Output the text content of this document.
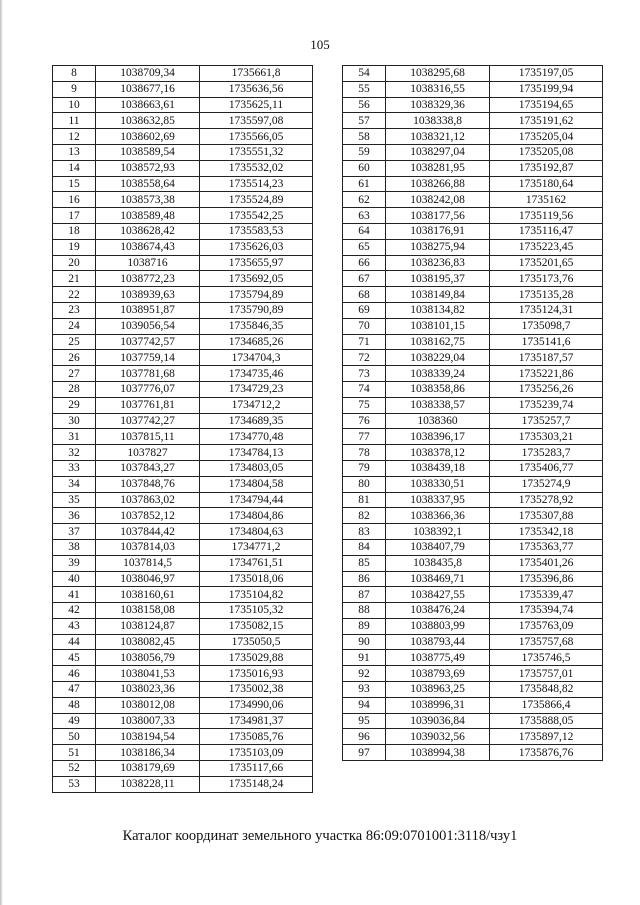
105
8	1038709,34	1735661,8
9	1038677,16	1735636,56
10	1038663,61	1735625,11
11	1038632,85	1735597,08
12	1038602,69	1735566,05
13	1038589,54	1735551,32
14	1038572,93	1735532,02
15	1038558,64	1735514,23
16	1038573,38	1735524,89
17	1038589,48	1735542,25
18	1038628,42	1735583,53
19	1038674,43	1735626,03
20	1038716	1735655,97
21	1038772,23	1735692,05
22	1038939,63	1735794,89
23	1038951,87	1735790,89
24	1039056,54	1735846,35
25	1037742,57	1734685,26
26	1037759,14	1734704,3
27	1037781,68	1734735,46
28	1037776,07	1734729,23
29	1037761,81	1734712,2
30	1037742,27	1734689,35
31	1037815,11	1734770,48
32	1037827	1734784,13
33	1037843,27	1734803,05
34	1037848,76	1734804,58
35	1037863,02	1734794,44
36	1037852,12	1734804,86
37	1037844,42	1734804,63
38	1037814,03	1734771,2
39	1037814,5	1734761,51
40	1038046,97	1735018,06
41	1038160,61	1735104,82
42	1038158,08	1735105,32
43	1038124,87	1735082,15
44	1038082,45	1735050,5
45	1038056,79	1735029,88
46	1038041,53	1735016,93
47	1038023,36	1735002,38
48	1038012,08	1734990,06
49	1038007,33	1734981,37
50	1038194,54	1735085,76
51	1038186,34	1735103,09
52	1038179,69	1735117,66
53	1038228,11	1735148,24
54	1038295,68	1735197,05
55	1038316,55	1735199,94
56	1038329,36	1735194,65
57	1038338,8	1735191,62
58	1038321,12	1735205,04
59	1038297,04	1735205,08
60	1038281,95	1735192,87
61	1038266,88	1735180,64
62	1038242,08	1735162
63	1038177,56	1735119,56
64	1038176,91	1735116,47
65	1038275,94	1735223,45
66	1038236,83	1735201,65
67	1038195,37	1735173,76
68	1038149,84	1735135,28
69	1038134,82	1735124,31
70	1038101,15	1735098,7
71	1038162,75	1735141,6
72	1038229,04	1735187,57
73	1038339,24	1735221,86
74	1038358,86	1735256,26
75	1038338,57	1735239,74
76	1038360	1735257,7
77	1038396,17	1735303,21
78	1038378,12	1735283,7
79	1038439,18	1735406,77
80	1038330,51	1735274,9
81	1038337,95	1735278,92
82	1038366,36	1735307,88
83	1038392,1	1735342,18
84	1038407,79	1735363,77
85	1038435,8	1735401,26
86	1038469,71	1735396,86
87	1038427,55	1735339,47
88	1038476,24	1735394,74
89	1038803,99	1735763,09
90	1038793,44	1735757,68
91	1038775,49	1735746,5
92	1038793,69	1735757,01
93	1038963,25	1735848,82
94	1038996,31	1735866,4
95	1039036,84	1735888,05
96	1039032,56	1735897,12
97	1038994,38	1735876,76
Каталог координат земельного участка 86:09:0701001:3118/чзу1
